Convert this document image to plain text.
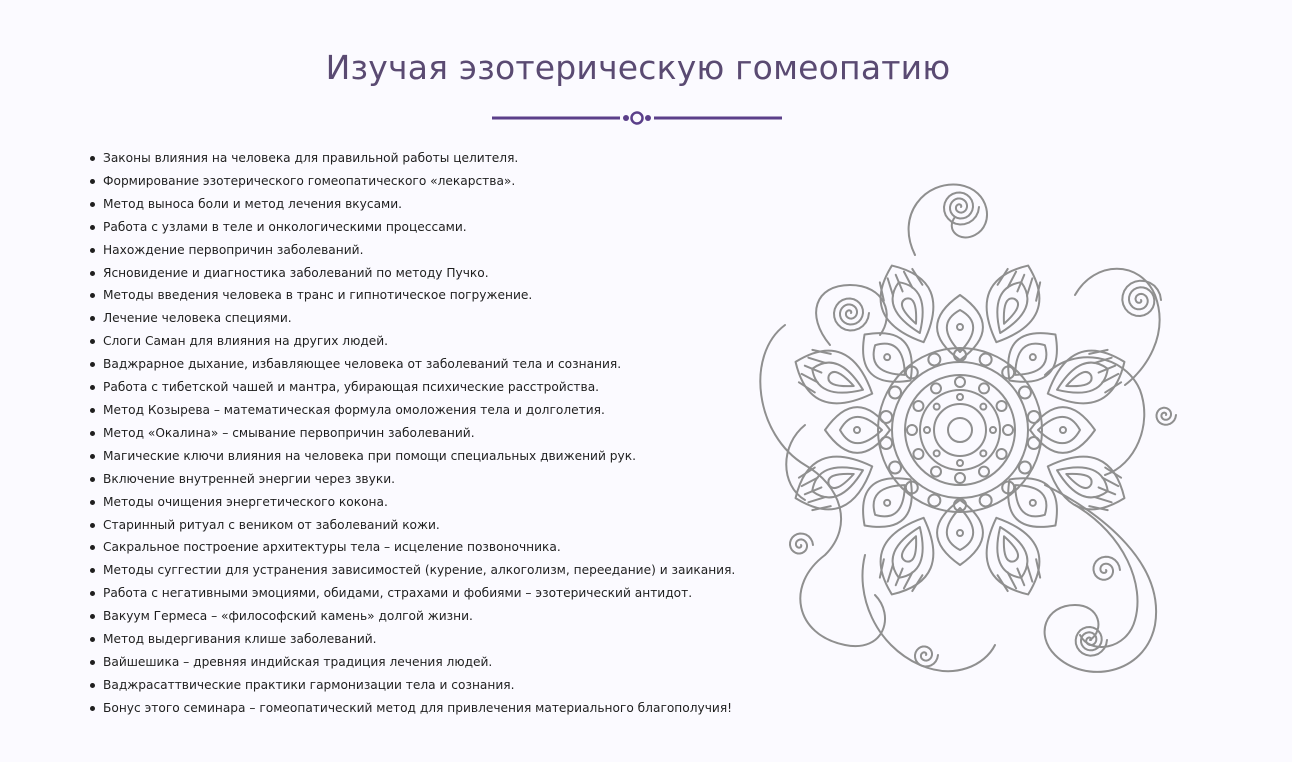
Изучая эзотерическую гомеопатию
Законы влияния на человека для правильной работы целителя.
Формирование эзотерического гомеопатического «лекарства».
Метод выноса боли и метод лечения вкусами.
Работа с узлами в теле и онкологическими процессами.
Нахождение первопричин заболеваний.
Ясновидение и диагностика заболеваний по методу Пучко.
Методы введения человека в транс и гипнотическое погружение.
Лечение человека специями.
Слоги Саман для влияния на других людей.
Ваджрарное дыхание, избавляющее человека от заболеваний тела и сознания.
Работа с тибетской чашей и мантра, убирающая психические расстройства.
Метод Козырева – математическая формула омоложения тела и долголетия.
Метод «Окалина» – смывание первопричин заболеваний.
Магические ключи влияния на человека при помощи специальных движений рук.
Включение внутренней энергии через звуки.
Методы очищения энергетического кокона.
Старинный ритуал с веником от заболеваний кожи.
Сакральное построение архитектуры тела – исцеление позвоночника.
Методы суггестии для устранения зависимостей (курение, алкоголизм, переедание) и заикания.
Работа с негативными эмоциями, обидами, страхами и фобиями – эзотерический антидот.
Вакуум Гермеса – «философский камень» долгой жизни.
Метод выдергивания клише заболеваний.
Вайшешика – древняя индийская традиция лечения людей.
Ваджрасаттвические практики гармонизации тела и сознания.
Бонус этого семинара – гомеопатический метод для привлечения материального благополучия!
